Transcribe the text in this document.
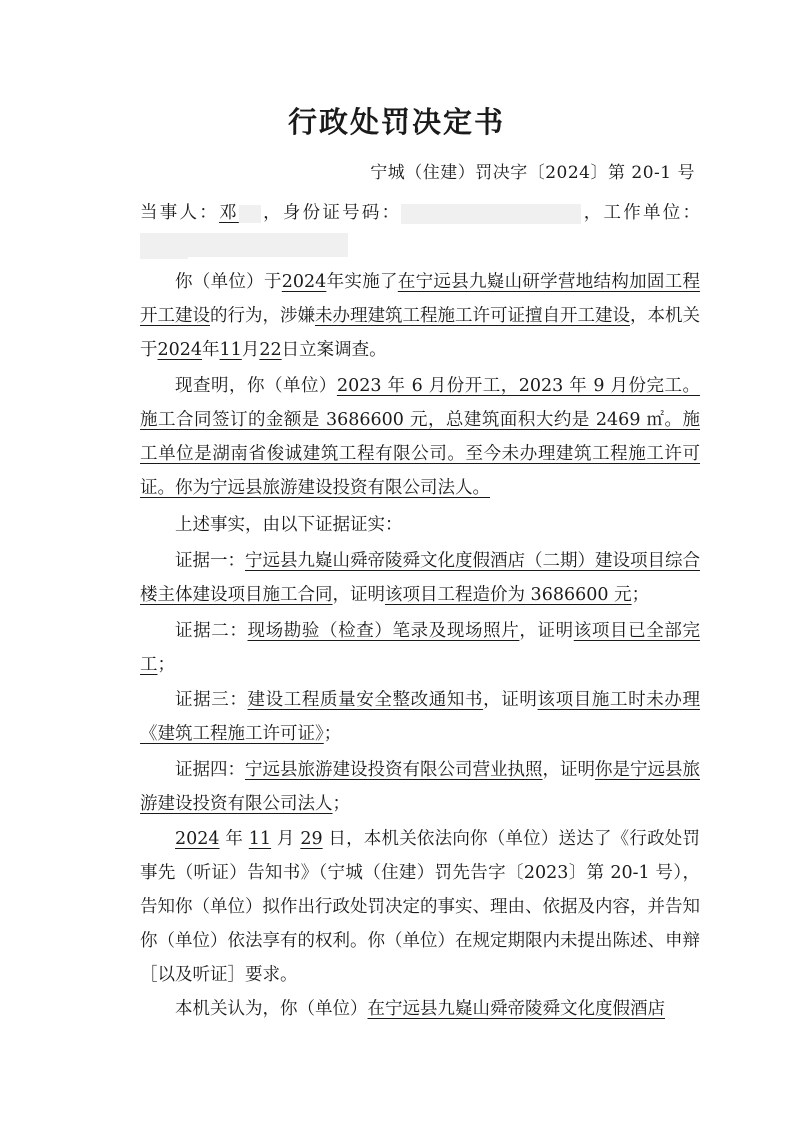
行政处罚决定书
宁城（住建）罚决字〔2024〕第 20-1 号

当事人：邓 ，身份证号码：	，工作单位：

你（单位）于2024年实施了在宁远县九嶷山研学营地结构加固工程开工建设的行为，涉嫌未办理建筑工程施工许可证擅自开工建设，本机关于2024年11月22日立案调查。

现查明，你（单位）2023 年 6 月份开工，2023 年 9 月份完工。施工合同签订的金额是 3686600 元，总建筑面积大约是 2469 ㎡。施工单位是湖南省俊诚建筑工程有限公司。至今未办理建筑工程施工许可证。你为宁远县旅游建设投资有限公司法人。

上述事实，由以下证据证实：

证据一：宁远县九嶷山舜帝陵舜文化度假酒店（二期）建设项目综合楼主体建设项目施工合同，证明该项目工程造价为 3686600 元；

证据二：现场勘验（检查）笔录及现场照片，证明该项目已全部完工；

证据三：建设工程质量安全整改通知书，证明该项目施工时未办理《建筑工程施工许可证》；

证据四：宁远县旅游建设投资有限公司营业执照，证明你是宁远县旅游建设投资有限公司法人；

2024 年 11 月 29 日，本机关依法向你（单位）送达了《行政处罚事先（听证）告知书》（宁城（住建）罚先告字〔2023〕第 20-1 号），告知你（单位）拟作出行政处罚决定的事实、理由、依据及内容，并告知你（单位）依法享有的权利。你（单位）在规定期限内未提出陈述、申辩［以及听证］要求。

本机关认为，你（单位）在宁远县九嶷山舜帝陵舜文化度假酒店
